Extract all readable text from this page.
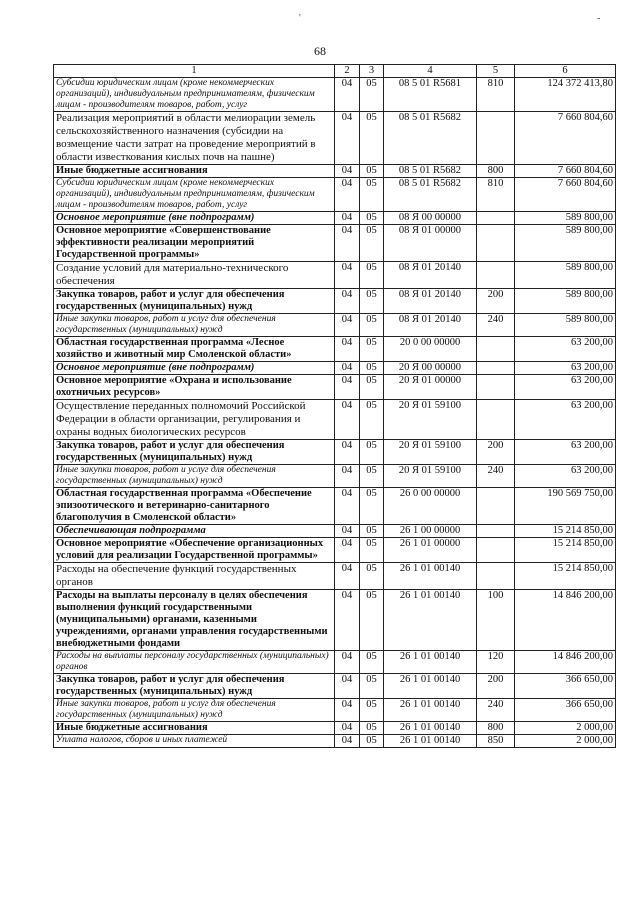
68
1	2	3	4	5	6
Субсидии юридическим лицам (кроме некоммерческих организаций), индивидуальным предпринимателям, физическим лицам - производителям товаров, работ, услуг	04	05	08 5 01 R5681	810	124 372 413,80
Реализация мероприятий в области мелиорации земель сельскохозяйственного назначения (субсидии на возмещение части затрат на проведение мероприятий в области известкования кислых почв на пашне)	04	05	08 5 01 R5682		7 660 804,60
Иные бюджетные ассигнования	04	05	08 5 01 R5682	800	7 660 804,60
Субсидии юридическим лицам (кроме некоммерческих организаций), индивидуальным предпринимателям, физическим лицам - производителям товаров, работ, услуг	04	05	08 5 01 R5682	810	7 660 804,60
Основное мероприятие (вне подпрограмм)	04	05	08 Я 00 00000		589 800,00
Основное мероприятие «Совершенствование эффективности реализации мероприятий Государственной программы»	04	05	08 Я 01 00000		589 800,00
Создание условий для материально-технического обеспечения	04	05	08 Я 01 20140		589 800,00
Закупка товаров, работ и услуг для обеспечения государственных (муниципальных) нужд	04	05	08 Я 01 20140	200	589 800,00
Иные закупки товаров, работ и услуг для обеспечения государственных (муниципальных) нужд	04	05	08 Я 01 20140	240	589 800,00
Областная государственная программа «Лесное хозяйство и животный мир Смоленской области»	04	05	20 0 00 00000		63 200,00
Основное мероприятие (вне подпрограмм)	04	05	20 Я 00 00000		63 200,00
Основное мероприятие «Охрана и использование охотничьих ресурсов»	04	05	20 Я 01 00000		63 200,00
Осуществление переданных полномочий Российской Федерации в области организации, регулирования и охраны водных биологических ресурсов	04	05	20 Я 01 59100		63 200,00
Закупка товаров, работ и услуг для обеспечения государственных (муниципальных) нужд	04	05	20 Я 01 59100	200	63 200,00
Иные закупки товаров, работ и услуг для обеспечения государственных (муниципальных) нужд	04	05	20 Я 01 59100	240	63 200,00
Областная государственная программа «Обеспечение эпизоотического и ветеринарно-санитарного благополучия в Смоленской области»	04	05	26 0 00 00000		190 569 750,00
Обеспечивающая подпрограмма	04	05	26 1 00 00000		15 214 850,00
Основное мероприятие «Обеспечение организационных условий для реализации Государственной программы»	04	05	26 1 01 00000		15 214 850,00
Расходы на обеспечение функций государственных органов	04	05	26 1 01 00140		15 214 850,00
Расходы на выплаты персоналу в целях обеспечения выполнения функций государственными (муниципальными) органами, казенными учреждениями, органами управления государственными внебюджетными фондами	04	05	26 1 01 00140	100	14 846 200,00
Расходы на выплаты персоналу государственных (муниципальных) органов	04	05	26 1 01 00140	120	14 846 200,00
Закупка товаров, работ и услуг для обеспечения государственных (муниципальных) нужд	04	05	26 1 01 00140	200	366 650,00
Иные закупки товаров, работ и услуг для обеспечения государственных (муниципальных) нужд	04	05	26 1 01 00140	240	366 650,00
Иные бюджетные ассигнования	04	05	26 1 01 00140	800	2 000,00
Уплата налогов, сборов и иных платежей	04	05	26 1 01 00140	850	2 000,00
'	-
